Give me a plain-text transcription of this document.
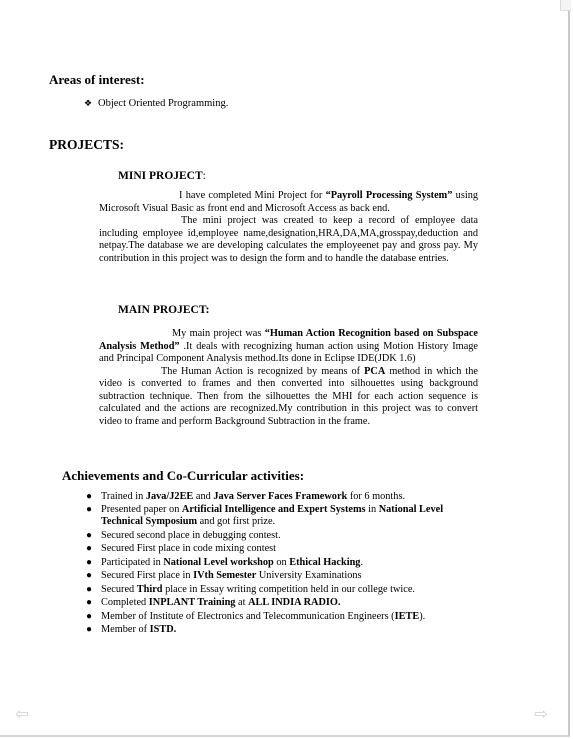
Areas of interest:
❖ Object Oriented Programming.
PROJECTS:
MINI PROJECT:

I have completed Mini Project for “Payroll Processing System” using Microsoft Visual Basic as front end and Microsoft Access as back end.
The mini project was created to keep a record of employee data including employee id,employee name,designation,HRA,DA,MA,grosspay,deduction and netpay.The database we are developing calculates the employeenet pay and gross pay. My contribution in this project was to design the form and to handle the database entries.

MAIN PROJECT:

My main project was “Human Action Recognition based on Subspace Analysis Method” .It deals with recognizing human action using Motion History Image and Principal Component Analysis method.Its done in Eclipse IDE(JDK 1.6)
The Human Action is recognized by means of PCA method in which the video is converted to frames and then converted into silhouettes using background subtraction technique. Then from the silhouettes the MHI for each action sequence is calculated and the actions are recognized.My contribution in this project was to convert video to frame and perform Background Subtraction in the frame.

Achievements and Co-Curricular activities:
● Trained in Java/J2EE and Java Server Faces Framework for 6 months.
● Presented paper on Artificial Intelligence and Expert Systems in National Level Technical Symposium and got first prize.
● Secured second place in debugging contest.
● Secured First place in code mixing contest
● Participated in National Level workshop on Ethical Hacking.
● Secured First place in IVth Semester University Examinations
● Secured Third place in Essay writing competition held in our college twice.
● Completed INPLANT Training at ALL INDIA RADIO.
● Member of Institute of Electronics and Telecommunication Engineers (IETE).
● Member of ISTD.
⇦	⇨
